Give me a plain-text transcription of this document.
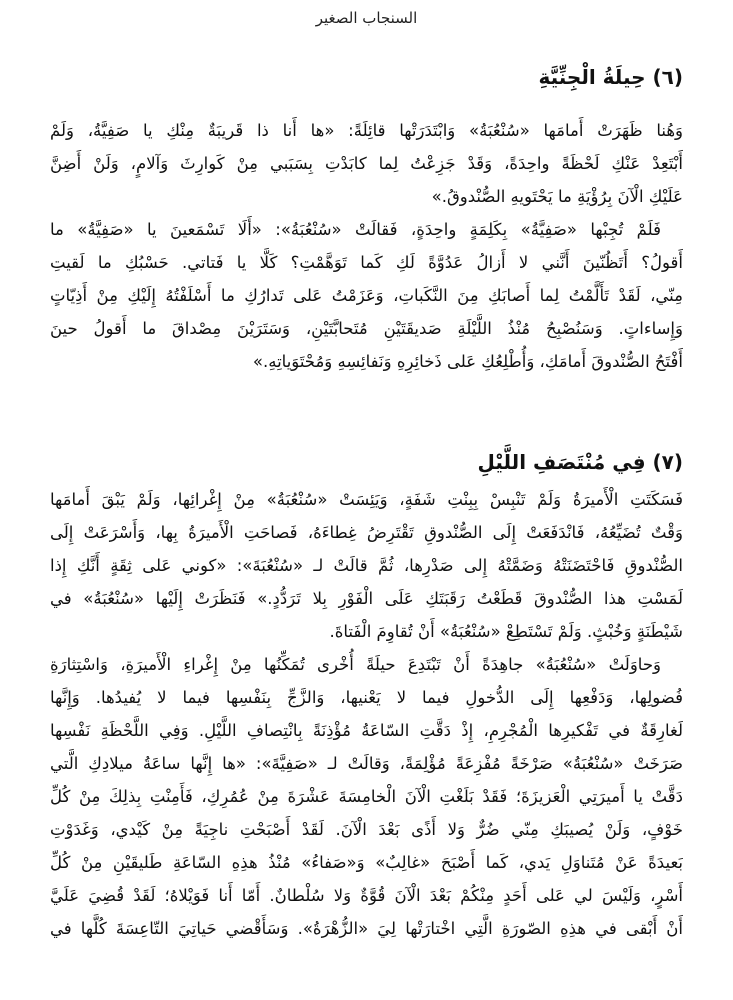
السنجاب الصغير
(٦) حِيلَةُ الْجِنِّيَّةِ
وَهُنا ظَهَرَتْ أَمامَها «سُنْعُبَةُ» وَابْتَدَرَتْها قائِلَةً: «ها أَنا ذا قَريبَةٌ مِنْكِ يا صَفِيَّةُ، وَلَمْ
أَبْتَعِدْ عَنْكِ لَحْظَةً واحِدَةً، وَقَدْ جَزِعْتُ لِما كابَدْتِ بِسَبَبي مِنْ كَوارِثَ وَآلامٍ، وَلَنْ أَضِنَّ
عَلَيْكِ الْآنَ بِرُؤْيَةِ ما يَحْتَويهِ الصُّنْدوقُ.»
فَلَمْ تُجِبْها «صَفِيَّةُ» بِكَلِمَةٍ واحِدَةٍ، فَقالَتْ «سُنْعُبَةُ»: «أَلَا تَسْمَعينَ يا «صَفِيَّةُ» ما
أَقولُ؟ أَتَظُنّينَ أَنَّني لا أَزالُ عَدُوَّةً لَكِ كَما تَوَهَّمْتِ؟ كَلَّا يا فَتاتي. حَسْبُكِ ما لَقيتِ
مِنّي، لَقَدْ تَأَلَّمْتُ لِما أَصابَكِ مِنَ النَّكَباتِ، وَعَزَمْتُ عَلى تَدارُكِ ما أَسْلَفْتُهُ إِلَيْكِ مِنْ أَذِيّاتٍ
وَإِساءاتٍ. وَسَنُصْبِحُ مُنْذُ اللَّيْلَةِ صَديقَتَيْنِ مُتَحابَّتَيْنِ، وَسَتَرَيْنَ مِصْداقَ ما أَقولُ حينَ
أَفْتَحُ الصُّنْدوقَ أَمامَكِ، وَأُطْلِعُكِ عَلى ذَخائِرِهِ وَنَفائِسِهِ وَمُحْتَوَياتِهِ.»
(٧) فِي مُنْتَصَفِ اللَّيْلِ
فَسَكَتَتِ الْأَميرَةُ وَلَمْ تَنْبِسْ بِبِنْتِ شَفَةٍ، وَيَئِسَتْ «سُنْعُبَةُ» مِنْ إِغْرائِها، وَلَمْ يَبْقَ أَمامَها
وَقْتٌ تُضَيِّعُهُ، فَانْدَفَعَتْ إِلَى الصُّنْدوقِ تَقْتَرِضُ غِطاءَهُ، فَصاحَتِ الْأَميرَةُ بِها، وَأَسْرَعَتْ إِلَى
الصُّنْدوقِ فَاحْتَضَنَتْهُ وَضَمَّتْهُ إِلى صَدْرِها، ثُمَّ قالَتْ لـ «سُنْعُبَةَ»: «كوني عَلى ثِقَةٍ أَنَّكِ إِذا
لَمَسْتِ هذا الصُّنْدوقَ قَطَعْتُ رَقَبَتَكِ عَلَى الْفَوْرِ بِلا تَرَدُّدٍ.» فَنَظَرَتْ إِلَيْها «سُنْعُبَةُ» في
شَيْطَنَةٍ وَخُبْثٍ. وَلَمْ تَسْتَطِعْ «سُنْعُبَةُ» أَنْ تُقاوِمَ الْفَتاةَ.
وَحاوَلَتْ «سُنْعُبَةُ» جاهِدَةً أَنْ تَبْتَدِعَ حيلَةً أُخْرى تُمَكِّنُها مِنْ إِغْراءِ الْأَميرَةِ، وَاسْتِثارَةِ
فُضولِها، وَدَفْعِها إِلَى الدُّخولِ فيما لا يَعْنيها، وَالزَّجِّ بِنَفْسِها فيما لا يُفيدُها. وَإِنَّها
لَغارِقَةٌ في تَفْكيرِها الْمُجْرِمِ، إِذْ دَقَّتِ السّاعَةُ مُؤْذِنَةً بِانْتِصافِ اللَّيْلِ. وَفِي اللَّحْظَةِ نَفْسِها
صَرَخَتْ «سُنْعُبَةُ» صَرْخَةً مُفْزِعَةً مُؤْلِمَةً، وَقالَتْ لـ «صَفِيَّةَ»: «ها إِنَّها ساعَةُ ميلادِكِ الَّتي
دَقَّتْ يا أَميرَتِي الْعَزيزَةَ؛ فَقَدْ بَلَغْتِ الْآنَ الْخامِسَةَ عَشْرَةَ مِنْ عُمُرِكِ، فَأَمِنْتِ بِذلِكَ مِنْ كُلِّ
خَوْفٍ، وَلَنْ يُصيبَكِ مِنّي ضُرٌّ وَلا أَذًى بَعْدَ الْآنَ. لَقَدْ أَصْبَحْتِ ناجِيَةً مِنْ كَيْدي، وَغَدَوْتِ
بَعيدَةً عَنْ مُتَناوَلِ يَدي، كَما أَصْبَحَ «غالِبٌ» وَ«صَفاءُ» مُنْذُ هذِهِ السّاعَةِ طَليقَيْنِ مِنْ كُلِّ
أَسْرٍ، وَلَيْسَ لي عَلى أَحَدٍ مِنْكُمْ بَعْدَ الْآنَ قُوَّةٌ وَلا سُلْطانٌ. أَمّا أَنا فَوَيْلاهُ؛ لَقَدْ قُضِيَ عَلَيَّ
أَنْ أَبْقى في هذِهِ الصّورَةِ الَّتِي اخْتارَتْها لِيَ «الزُّهْرَةُ». وَسَأَقْضي حَياتِيَ التّاعِسَةَ كُلَّها في
